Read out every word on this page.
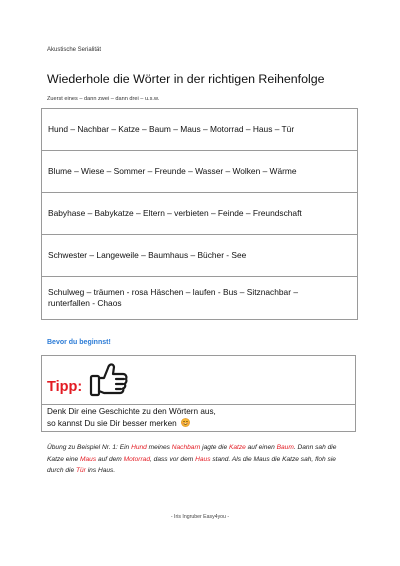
Akustische Serialität
Wiederhole die Wörter in der richtigen Reihenfolge
Zuerst eines – dann zwei – dann drei – u.s.w.
Hund – Nachbar – Katze – Baum – Maus – Motorrad – Haus – Tür
Blume – Wiese – Sommer – Freunde – Wasser – Wolken – Wärme
Babyhase – Babykatze – Eltern – verbieten – Feinde – Freundschaft
Schwester – Langeweile – Baumhaus – Bücher - See
Schulweg – träumen - rosa Häschen – laufen - Bus – Sitznachbar –
runterfallen - Chaos
Bevor du beginnst!
Tipp:
Denk Dir eine Geschichte zu den Wörtern aus,
so kannst Du sie Dir besser merken
Übung zu Beispiel Nr. 1: Ein Hund meines Nachbarn jagte die Katze auf einen Baum. Dann sah die Katze eine Maus auf dem Motorrad, dass vor dem Haus stand. Als die Maus die Katze sah, floh sie durch die Tür ins Haus.
- Iris Ingruber Easy4you -
